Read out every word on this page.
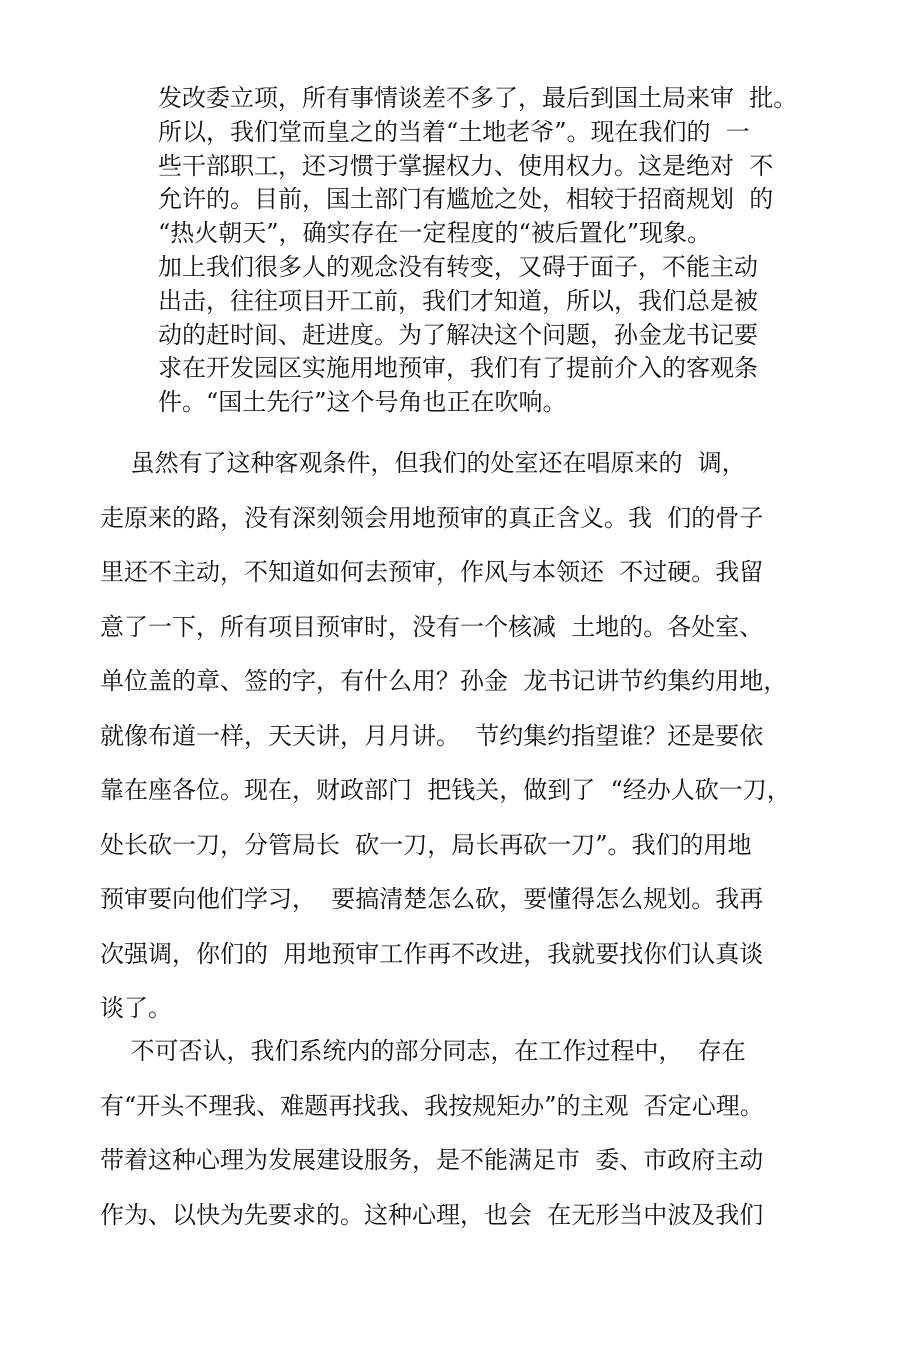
发改委立项，所有事情谈差不多了，最后到国土局来审  批。
所以，我们堂而皇之的当着“土地老爷”。现在我们的  一
些干部职工，还习惯于掌握权力、使用权力。这是绝对  不
允许的。目前，国土部门有尴尬之处，相较于招商规划  的
“热火朝天”，确实存在一定程度的“被后置化”现象。
加上我们很多人的观念没有转变，又碍于面子，不能主动
出击，往往项目开工前，我们才知道，所以，我们总是被
动的赶时间、赶进度。为了解决这个问题，孙金龙书记要
求在开发园区实施用地预审，我们有了提前介入的客观条
件。“国土先行”这个号角也正在吹响。
虽然有了这种客观条件，但我们的处室还在唱原来的  调，
走原来的路，没有深刻领会用地预审的真正含义。我  们的骨子
里还不主动，不知道如何去预审，作风与本领还  不过硬。我留
意了一下，所有项目预审时，没有一个核减  土地的。各处室、
单位盖的章、签的字，有什么用？孙金  龙书记讲节约集约用地，
就像布道一样，天天讲，月月讲。  节约集约指望谁？还是要依
靠在座各位。现在，财政部门  把钱关，做到了  “经办人砍一刀，
处长砍一刀，分管局长  砍一刀，局长再砍一刀”。我们的用地
预审要向他们学习，  要搞清楚怎么砍，要懂得怎么规划。我再
次强调，你们的  用地预审工作再不改进，我就要找你们认真谈
谈了。
不可否认，我们系统内的部分同志，在工作过程中，  存在
有“开头不理我、难题再找我、我按规矩办”的主观  否定心理。
带着这种心理为发展建设服务，是不能满足市  委、市政府主动
作为、以快为先要求的。这种心理，也会  在无形当中波及我们
